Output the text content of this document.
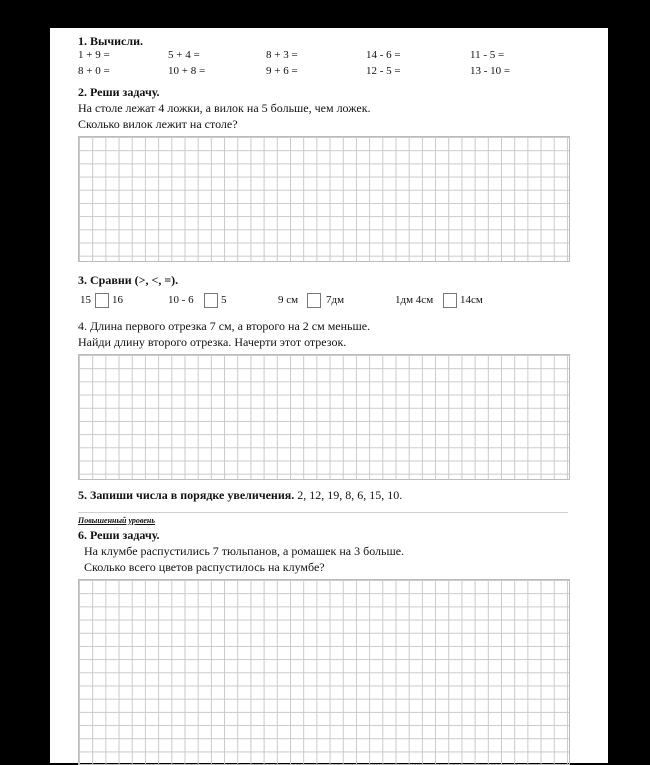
1. Вычисли.
1 + 9 =	5 + 4 =	8 + 3 =	14 - 6 =	11 - 5 =
8 + 0 =	10 + 8 =	9 + 6 =	12 - 5 =	13 - 10 =
2. Реши задачу.
На столе лежат 4 ложки, а вилок на 5 больше, чем ложек.
Сколько вилок лежит на столе?
3. Сравни (>, <, =).
15 16	10 - 6 5	9 см	7дм	1дм 4см 14см
4. Длина первого отрезка 7 см, а второго на 2 см меньше.
Найди длину второго отрезка. Начерти этот отрезок.
5. Запиши числа в порядке увеличения. 2, 12, 19, 8, 6, 15, 10.
Повышенный уровень
6. Реши задачу.
На клумбе распустились 7 тюльпанов, а ромашек на 3 больше.
Сколько всего цветов распустилось на клумбе?
